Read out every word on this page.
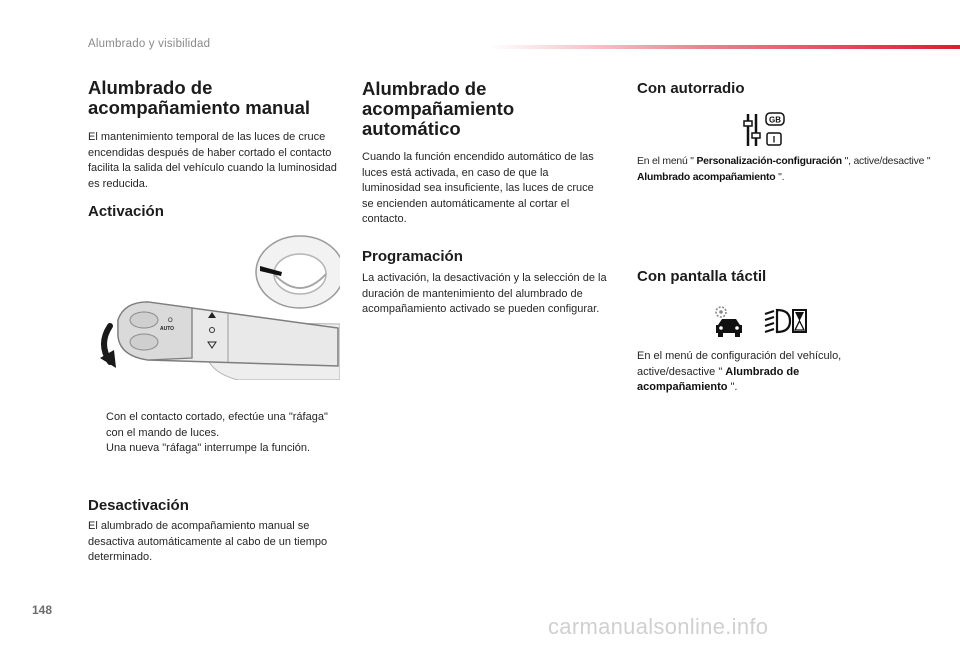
Alumbrado y visibilidad
Alumbrado de
acompañamiento manual

El mantenimiento temporal de las luces de cruce encendidas después de haber cortado el contacto facilita la salida del vehículo cuando la luminosidad es reducida.

Activación
O
AUTO
Con el contacto cortado, efectúe una "ráfaga" con el mando de luces.
Una nueva "ráfaga" interrumpe la función.
Desactivación

El alumbrado de acompañamiento manual se desactiva automáticamente al cabo de un tiempo determinado.

Alumbrado de
acompañamiento
automático

Cuando la función encendido automático de las luces está activada, en caso de que la luminosidad sea insuficiente, las luces de cruce se encienden automáticamente al cortar el contacto.

Programación

La activación, la desactivación y la selección de la duración de mantenimiento del alumbrado de acompañamiento activado se pueden configurar.

Con autorradio
GB
I

En el menú " Personalización-configuración ", active/desactive " Alumbrado acompañamiento ".

Con pantalla táctil

En el menú de configuración del vehículo, active/desactive " Alumbrado de acompañamiento ".

148
carmanualsonline.info
